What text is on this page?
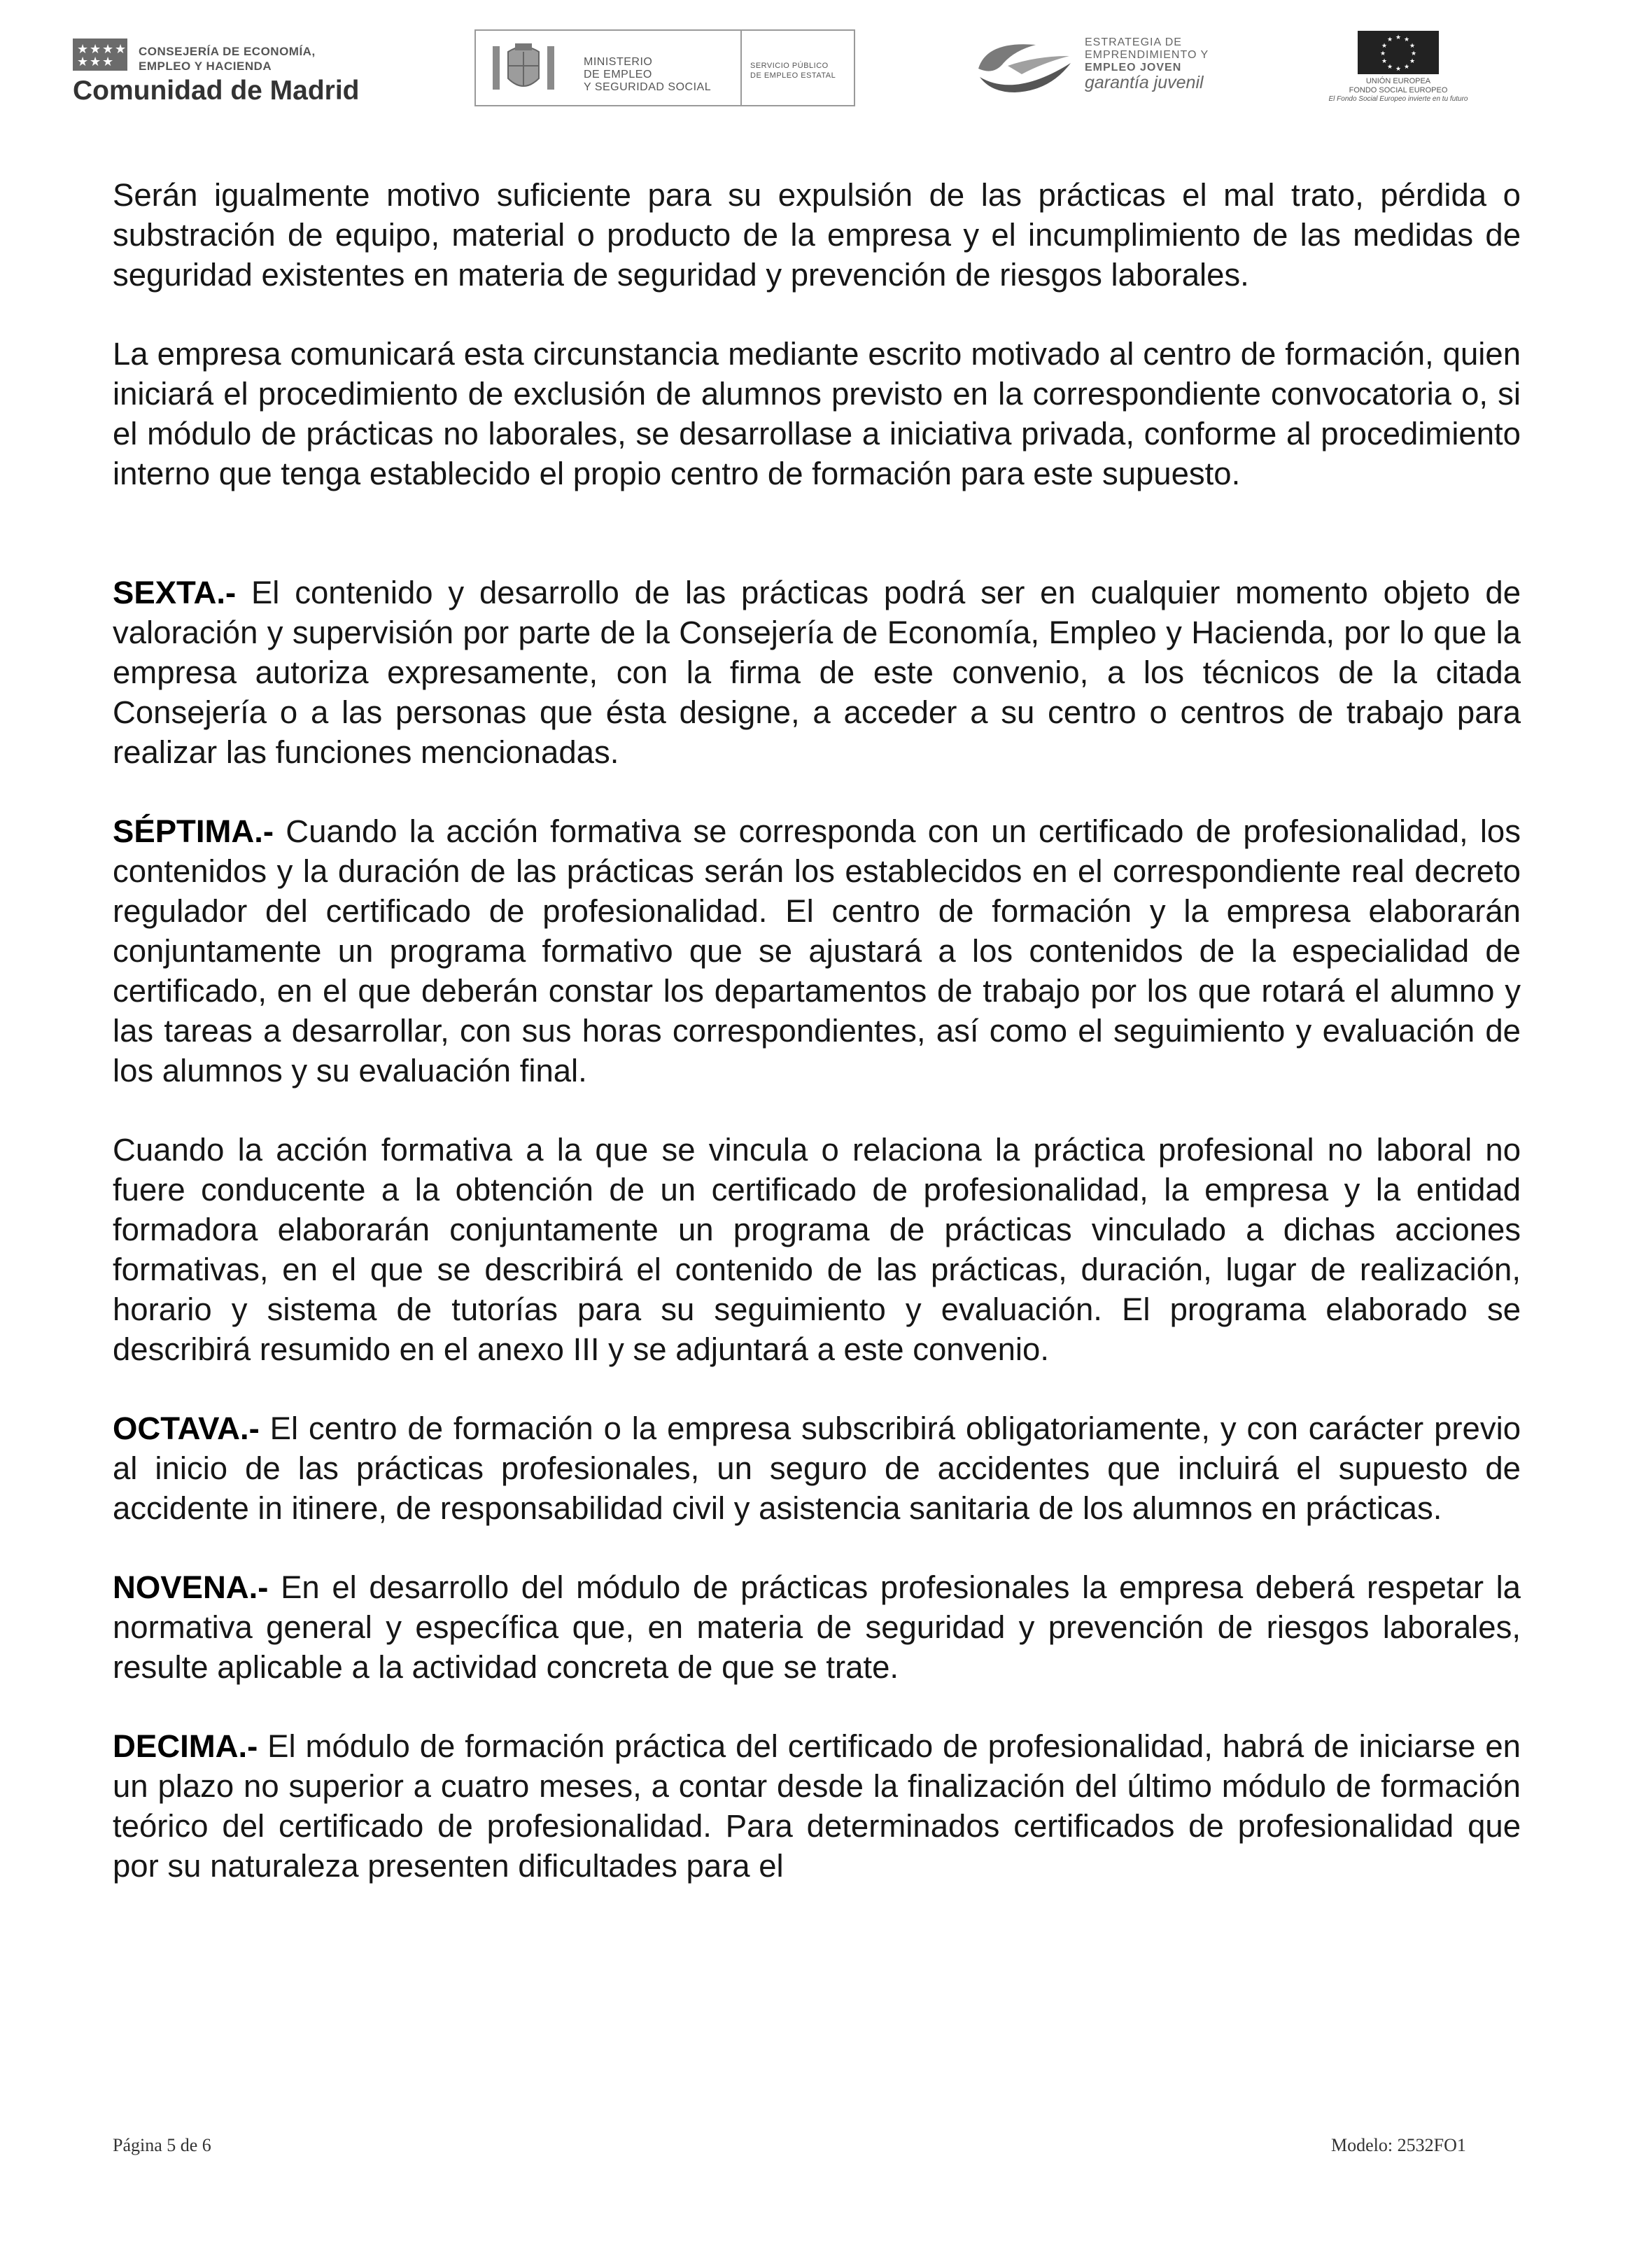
★ ★ ★ ★
★ ★ ★
CONSEJERÍA DE ECONOMÍA,
EMPLEO Y HACIENDA
Comunidad de Madrid
MINISTERIO
DE EMPLEO
Y SEGURIDAD SOCIAL
SERVICIO PÚBLICO
DE EMPLEO ESTATAL
ESTRATEGIA DE
EMPRENDIMIENTO Y
EMPLEO JOVEN
garantía juvenil
★ ★
★
★
★
★
★
★
★
★
★
★
UNIÓN EUROPEA
FONDO SOCIAL EUROPEO
El Fondo Social Europeo invierte en tu futuro

Serán igualmente motivo suficiente para su expulsión de las prácticas el mal trato, pérdida o substración de equipo, material o producto de la empresa y el incumplimiento de las medidas de seguridad existentes en materia de seguridad y prevención de riesgos laborales.

La empresa comunicará esta circunstancia mediante escrito motivado al centro de formación, quien iniciará el procedimiento de exclusión de alumnos previsto en la correspondiente convocatoria o, si el módulo de prácticas no laborales, se desarrollase a iniciativa privada, conforme al procedimiento interno que tenga establecido el propio centro de formación para este supuesto.

SEXTA.- El contenido y desarrollo de las prácticas podrá ser en cualquier momento objeto de valoración y supervisión por parte de la Consejería de Economía, Empleo y Hacienda, por lo que la empresa autoriza expresamente, con la firma de este convenio, a los técnicos de la citada Consejería o a las personas que ésta designe, a acceder a su centro o centros de trabajo para realizar las funciones mencionadas.

SÉPTIMA.- Cuando la acción formativa se corresponda con un certificado de profesionalidad, los contenidos y la duración de las prácticas serán los establecidos en el correspondiente real decreto regulador del certificado de profesionalidad. El centro de formación y la empresa elaborarán conjuntamente un programa formativo que se ajustará a los contenidos de la especialidad de certificado, en el que deberán constar los departamentos de trabajo por los que rotará el alumno y las tareas a desarrollar, con sus horas correspondientes, así como el seguimiento y evaluación de los alumnos y su evaluación final.

Cuando la acción formativa a la que se vincula o relaciona la práctica profesional no laboral no fuere conducente a la obtención de un certificado de profesionalidad, la empresa y la entidad formadora elaborarán conjuntamente un programa de prácticas vinculado a dichas acciones formativas, en el que se describirá el contenido de las prácticas, duración, lugar de realización, horario y sistema de tutorías para su seguimiento y evaluación. El programa elaborado se describirá resumido en el anexo III y se adjuntará a este convenio.

OCTAVA.- El centro de formación o la empresa subscribirá obligatoriamente, y con carácter previo al inicio de las prácticas profesionales, un seguro de accidentes que incluirá el supuesto de accidente in itinere, de responsabilidad civil y asistencia sanitaria de los alumnos en prácticas.

NOVENA.- En el desarrollo del módulo de prácticas profesionales la empresa deberá respetar la normativa general y específica que, en materia de seguridad y prevención de riesgos laborales, resulte aplicable a la actividad concreta de que se trate.

DECIMA.- El módulo de formación práctica del certificado de profesionalidad, habrá de iniciarse en un plazo no superior a cuatro meses, a contar desde la finalización del último módulo de formación teórico del certificado de profesionalidad. Para determinados certificados de profesionalidad que por su naturaleza presenten dificultades para el

Página 5 de 6	Modelo: 2532FO1
